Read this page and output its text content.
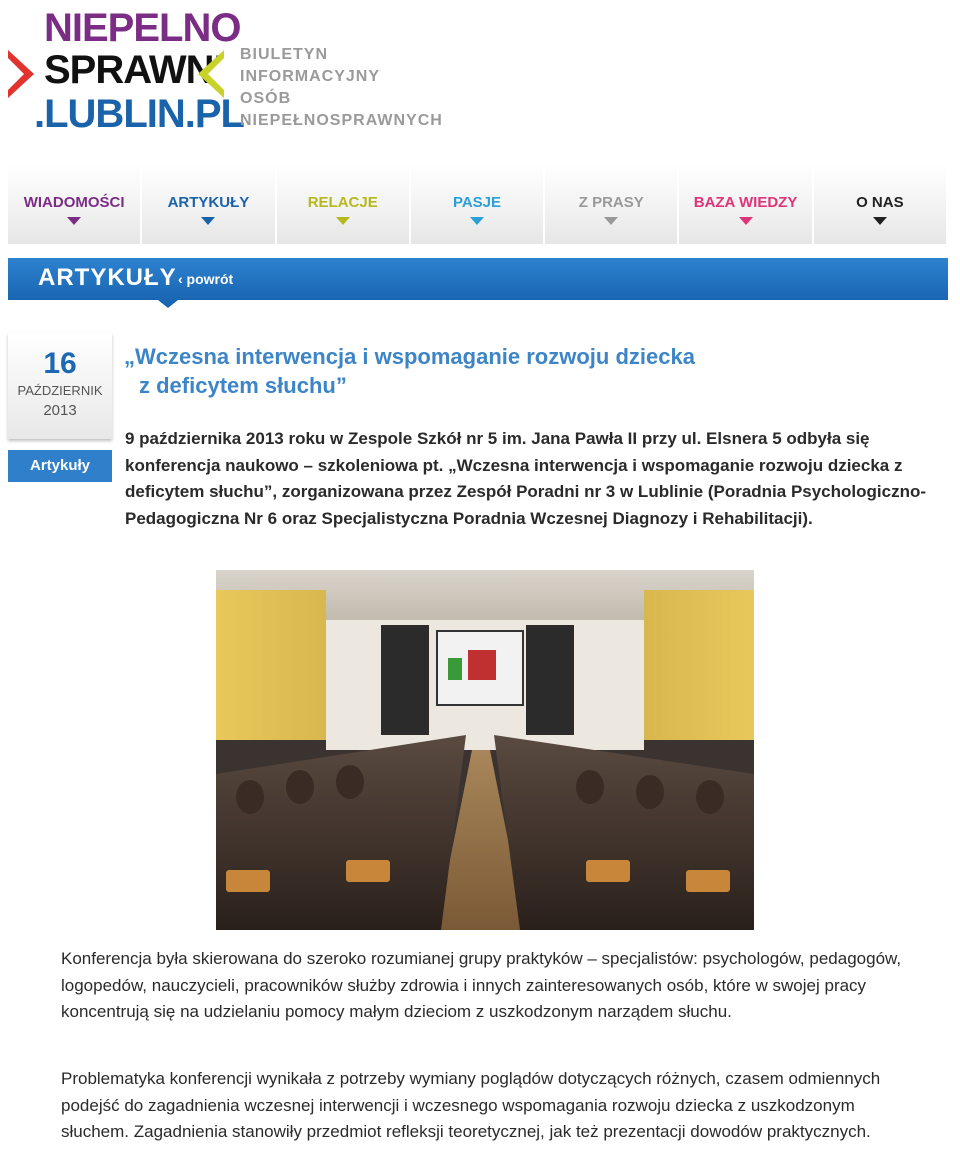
NIEPELNO
SPRAWNI
.LUBLIN.PL
BIULETYN INFORMACYJNY
OSÓB NIEPEŁNOSPRAWNYCH
WIADOMOŚCI	ARTYKUŁY	RELACJE	PASJE	Z PRASY	BAZA WIEDZY	O NAS
ARTYKUŁY ‹ powrót
16
PAŹDZIERNIK
2013
Artykuły
„Wczesna interwencja i wspomaganie rozwoju dziecka
z deficytem słuchu”

9 października 2013 roku w Zespole Szkół nr 5 im. Jana Pawła II przy ul. Elsnera 5 odbyła się konferencja naukowo – szkoleniowa pt. „Wczesna interwencja i wspomaganie rozwoju dziecka z deficytem słuchu”, zorganizowana przez Zespół Poradni nr 3 w Lublinie (Poradnia Psychologiczno-Pedagogiczna Nr 6 oraz Specjalistyczna Poradnia Wczesnej Diagnozy i Rehabilitacji).

Konferencja była skierowana do szeroko rozumianej grupy praktyków – specjalistów: psychologów, pedagogów, logopedów, nauczycieli, pracowników służby zdrowia i innych zainteresowanych osób, które w swojej pracy koncentrują się na udzielaniu pomocy małym dzieciom z uszkodzonym narządem słuchu.

Problematyka konferencji wynikała z potrzeby wymiany poglądów dotyczących różnych, czasem odmiennych podejść do zagadnienia wczesnej interwencji i wczesnego wspomagania rozwoju dziecka z uszkodzonym słuchem. Zagadnienia stanowiły przedmiot refleksji teoretycznej, jak też prezentacji dowodów praktycznych.
